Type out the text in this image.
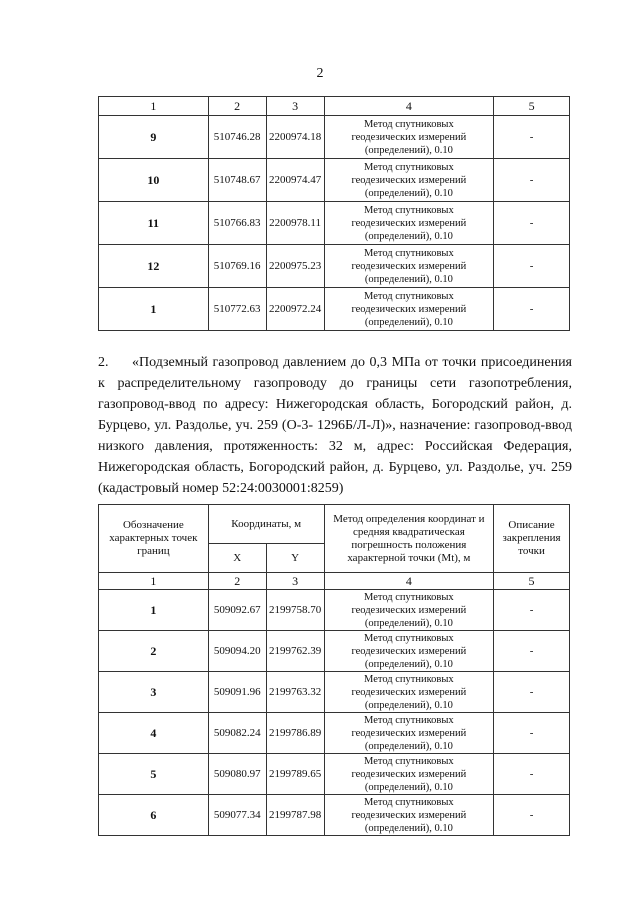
2
1	2	3	4	5
9	510746.28	2200974.18	Метод спутниковых
геодезических измерений
(определений), 0.10	-
10	510748.67	2200974.47	Метод спутниковых
геодезических измерений
(определений), 0.10	-
11	510766.83	2200978.11	Метод спутниковых
геодезических измерений
(определений), 0.10	-
12	510769.16	2200975.23	Метод спутниковых
геодезических измерений
(определений), 0.10	-
1	510772.63	2200972.24	Метод спутниковых
геодезических измерений
(определений), 0.10	-
2. «Подземный газопровод давлением до 0,3 МПа от точки присоединения к распределительному газопроводу до границы сети газопотребления, газопровод-ввод по адресу: Нижегородская область, Богородский район, д. Бурцево, ул. Раздолье, уч. 259 (О-3- 1296Б/Л-Л)», назначение: газопровод-ввод низкого давления, протяженность: 32 м, адрес: Российская Федерация, Нижегородская область, Богородский район, д. Бурцево, ул. Раздолье, уч. 259 (кадастровый номер 52:24:0030001:8259)
Обозначение характерных точек границ	Координаты, м		Метод определения координат и средняя квадратическая погрешность положения характерной точки (Mt), м	Описание закрепления точки
	X	Y		
1	2	3	4	5
1	509092.67	2199758.70	Метод спутниковых
геодезических измерений
(определений), 0.10	-
2	509094.20	2199762.39	Метод спутниковых
геодезических измерений
(определений), 0.10	-
3	509091.96	2199763.32	Метод спутниковых
геодезических измерений
(определений), 0.10	-
4	509082.24	2199786.89	Метод спутниковых
геодезических измерений
(определений), 0.10	-
5	509080.97	2199789.65	Метод спутниковых
геодезических измерений
(определений), 0.10	-
6	509077.34	2199787.98	Метод спутниковых
геодезических измерений
(определений), 0.10	-
